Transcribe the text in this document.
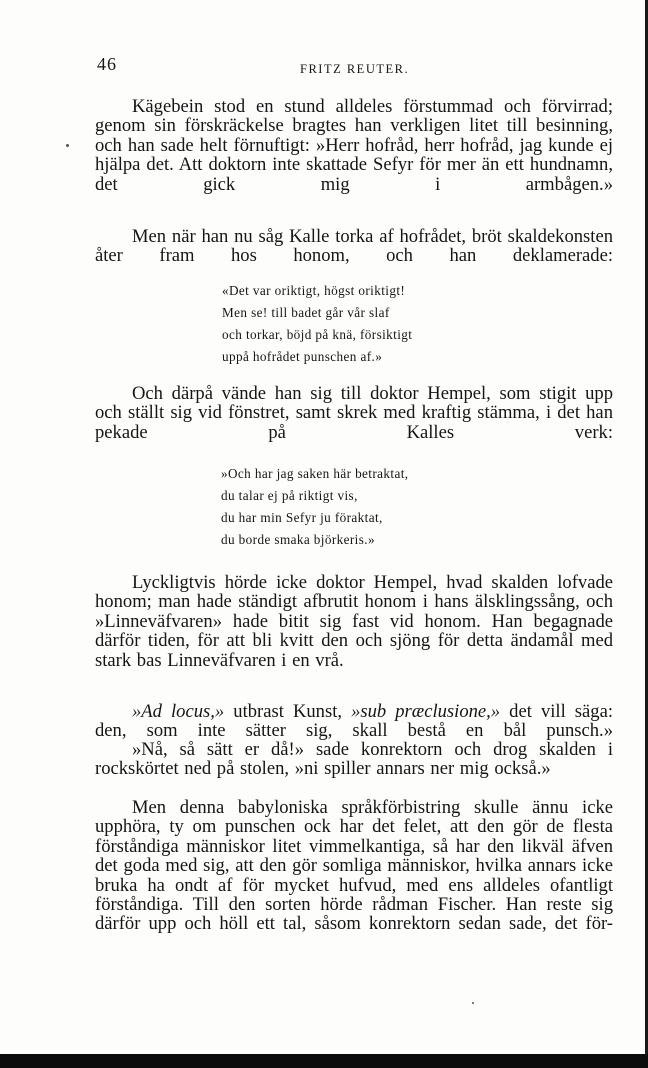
46	FRITZ REUTER.
Kägebein stod en stund alldeles förstummad och förvirrad; genom sin förskräckelse bragtes han verkligen litet till besinning, och han sade helt förnuftigt: »Herr hofråd, herr hofråd, jag kunde ej hjälpa det. Att doktorn inte skattade Sefyr för mer än ett hundnamn, det gick mig i armbågen.»
Men när han nu såg Kalle torka af hofrådet, bröt skaldekonsten åter fram hos honom, och han deklamerade:
«Det var oriktigt, högst oriktigt!
Men se! till badet går vår slaf
och torkar, böjd på knä, försiktigt
uppå hofrådet punschen af.»
Och därpå vände han sig till doktor Hempel, som stigit upp och ställt sig vid fönstret, samt skrek med kraftig stämma, i det han pekade på Kalles verk:
»Och har jag saken här betraktat,
du talar ej på riktigt vis,
du har min Sefyr ju föraktat,
du borde smaka björkeris.»
Lyckligtvis hörde icke doktor Hempel, hvad skalden lofvade honom; man hade ständigt afbrutit honom i hans älsklingssång, och »Linneväfvaren» hade bitit sig fast vid honom. Han begagnade därför tiden, för att bli kvitt den och sjöng för detta ändamål med stark bas Linneväfvaren i en vrå.
»Ad locus,» utbrast Kunst, »sub præclusione,» det vill säga: den, som inte sätter sig, skall bestå en bål punsch.»
»Nå, så sätt er då!» sade konrektorn och drog skalden i rockskörtet ned på stolen, »ni spiller annars ner mig också.»
Men denna babyloniska språkförbistring skulle ännu icke upphöra, ty om punschen ock har det felet, att den gör de flesta förståndiga människor litet vimmelkantiga, så har den likväl äfven det goda med sig, att den gör somliga människor, hvilka annars icke bruka ha ondt af för mycket hufvud, med ens alldeles ofantligt förståndiga. Till den sorten hörde rådman Fischer. Han reste sig därför upp och höll ett tal, såsom konrektorn sedan sade, det för-
